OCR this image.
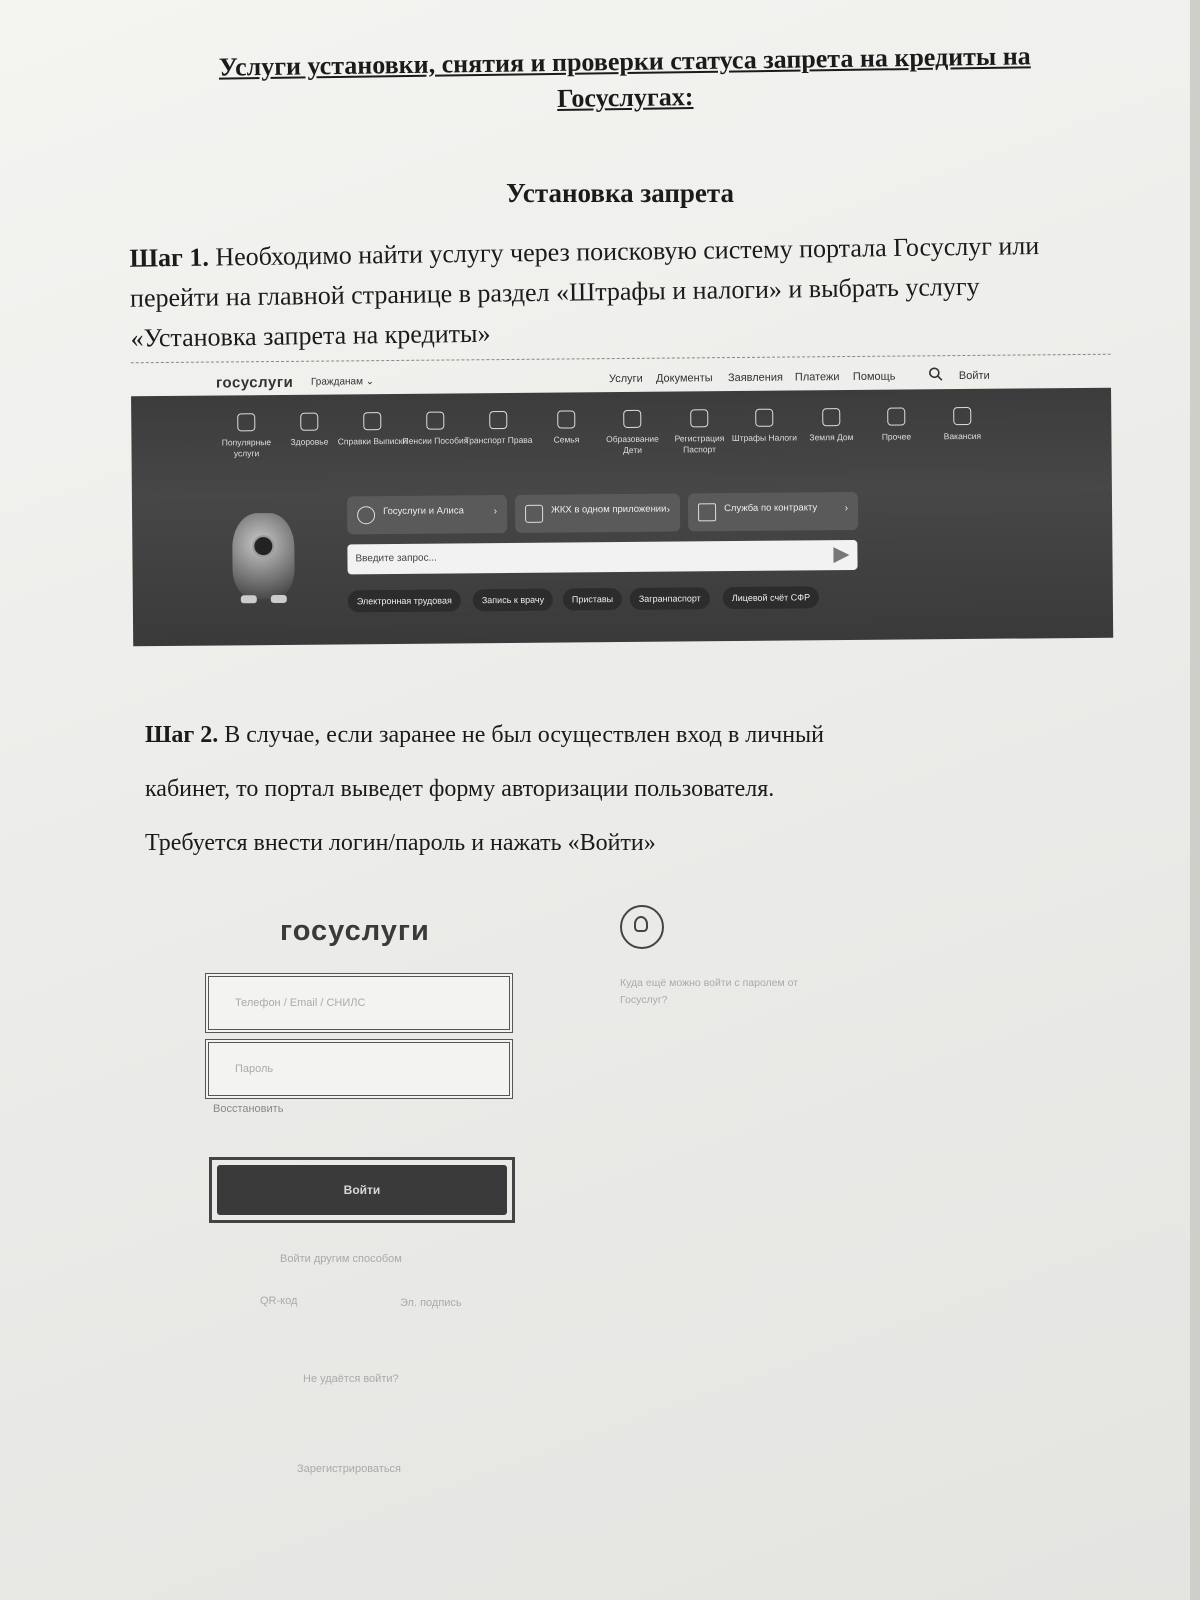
Услуги установки, снятия и проверки статуса запрета на кредиты на Госуслугах:
Установка запрета
Шаг 1. Необходимо найти услугу через поисковую систему портала Госуслуг или перейти на главной странице в раздел «Штрафы и налоги» и выбрать услугу «Установка запрета на кредиты»
госуслуги Гражданам ⌄	Услуги Документы Заявления Платежи Помощь	Войти
Популярные услуги
Здоровье	Справки Выписки
Пенсии Пособия
Транспорт Права	Семья	Образование Дети
Регистрация Паспорт
Штрафы Налоги	Земля Дом	Прочее	Вакансия
Госуслуги и Алиса	›	ЖКХ в одном приложении ›	Служба по контракту	›
Введите запрос...
Электронная трудовая	Запись к врачу	Приставы	Загранпаспорт	Лицевой счёт СФР
Шаг 2. В случае, если заранее не был осуществлен вход в личный
кабинет, то портал выведет форму авторизации пользователя.
Требуется внести логин/пароль и нажать «Войти»
госуслуги
Телефон / Email / СНИЛС
Пароль
Восстановить
Войти
Войти другим способом
QR-код	Эл. подпись
Не удаётся войти?
Зарегистрироваться
Куда ещё можно войти с паролем от Госуслуг?
